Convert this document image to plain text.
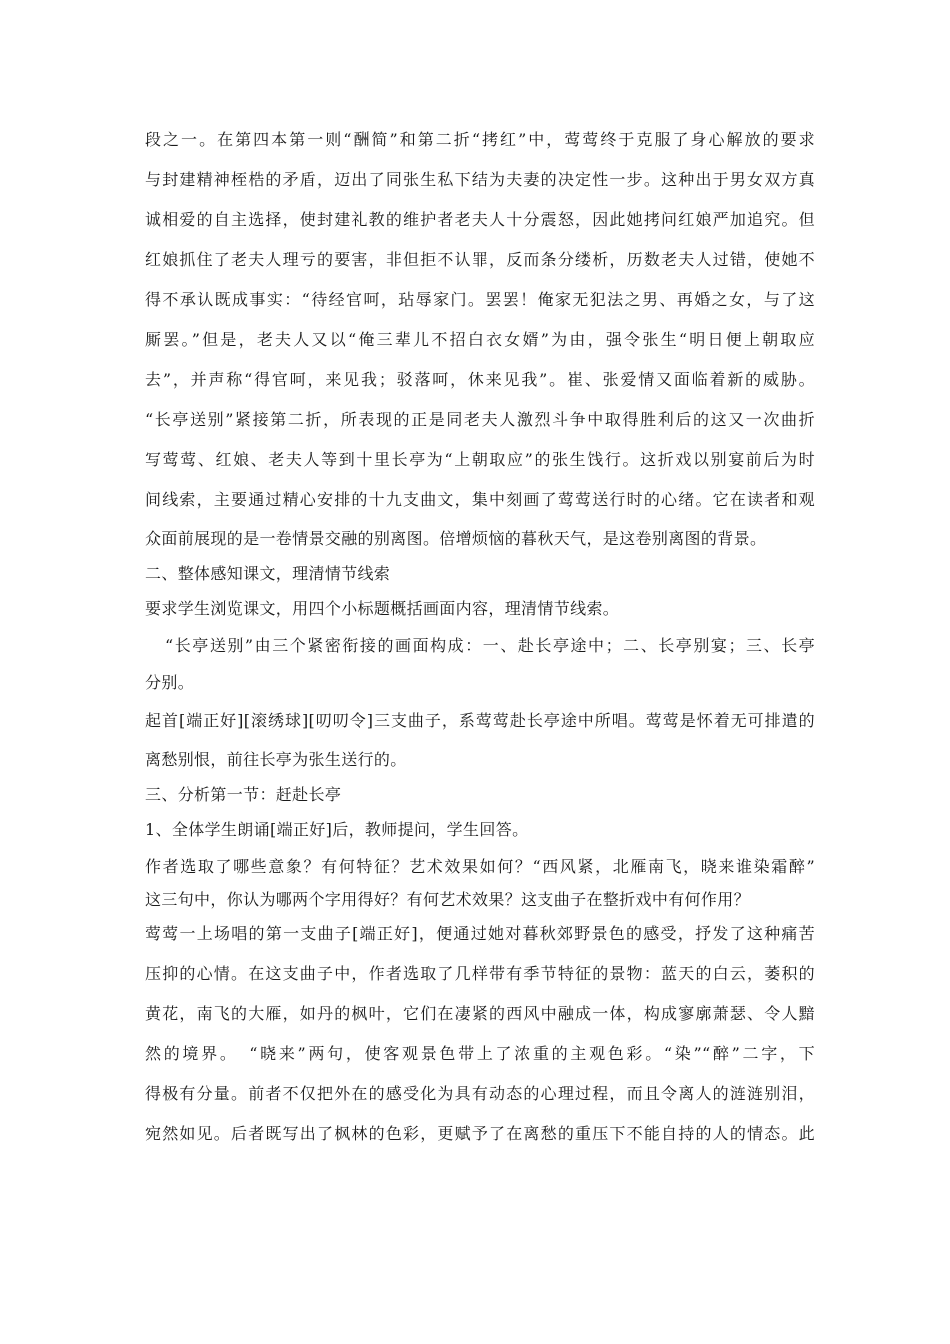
段之一。在第四本第一则“酬简”和第二折“拷红”中，莺莺终于克服了身心解放的要求
与封建精神桎梏的矛盾，迈出了同张生私下结为夫妻的决定性一步。这种出于男女双方真
诚相爱的自主选择，使封建礼教的维护者老夫人十分震怒，因此她拷问红娘严加追究。但
红娘抓住了老夫人理亏的要害，非但拒不认罪，反而条分缕析，历数老夫人过错，使她不
得不承认既成事实：“待经官呵，玷辱家门。罢罢！俺家无犯法之男、再婚之女，与了这
厮罢。”但是，老夫人又以“俺三辈儿不招白衣女婿”为由，强令张生“明日便上朝取应
去”，并声称“得官呵，来见我；驳落呵，休来见我”。崔、张爱情又面临着新的威胁。
“长亭送别”紧接第二折，所表现的正是同老夫人激烈斗争中取得胜利后的这又一次曲折
写莺莺、红娘、老夫人等到十里长亭为“上朝取应”的张生饯行。这折戏以别宴前后为时
间线索，主要通过精心安排的十九支曲文，集中刻画了莺莺送行时的心绪。它在读者和观
众面前展现的是一卷情景交融的别离图。倍增烦恼的暮秋天气，是这卷别离图的背景。
二、整体感知课文，理清情节线索
要求学生浏览课文，用四个小标题概括画面内容，理清情节线索。
“长亭送别”由三个紧密衔接的画面构成：一、赴长亭途中；二、长亭别宴；三、长亭
分别。
起首[端正好][滚绣球][叨叨令]三支曲子，系莺莺赴长亭途中所唱。莺莺是怀着无可排遣的
离愁别恨，前往长亭为张生送行的。
三、分析第一节：赶赴长亭
1、全体学生朗诵[端正好]后，教师提问，学生回答。
作者选取了哪些意象？有何特征？艺术效果如何？“西风紧，北雁南飞，晓来谁染霜醉”
这三句中，你认为哪两个字用得好？有何艺术效果？这支曲子在整折戏中有何作用？
莺莺一上场唱的第一支曲子[端正好]，便通过她对暮秋郊野景色的感受，抒发了这种痛苦
压抑的心情。在这支曲子中，作者选取了几样带有季节特征的景物：蓝天的白云，萎积的
黄花，南飞的大雁，如丹的枫叶，它们在凄紧的西风中融成一体，构成寥廓萧瑟、令人黯
然的境界。　“晓来”两句，使客观景色带上了浓重的主观色彩。“染”“醉”二字，下
得极有分量。前者不仅把外在的感受化为具有动态的心理过程，而且令离人的涟涟别泪，
宛然如见。后者既写出了枫林的色彩，更赋予了在离愁的重压下不能自持的人的情态。此
